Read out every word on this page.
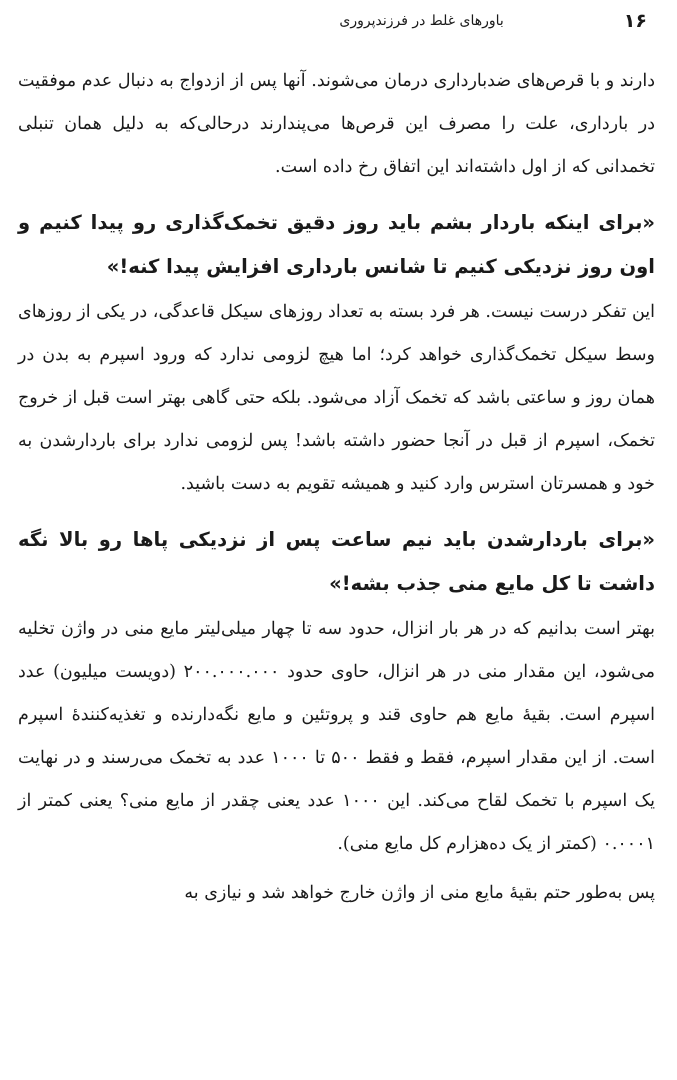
۱۶
باورهای غلط در فرزندپروری

دارند و با قرص‌های ضدبارداری درمان می‌شوند. آنها پس از ازدواج به دنبال عدم موفقیت در بارداری، علت را مصرف این قرص‌ها می‌پندارند درحالی‌که به دلیل همان تنبلی تخمدانی که از اول داشته‌اند این اتفاق رخ داده است.

«برای اینکه باردار بشم باید روز دقیق تخمک‌گذاری رو پیدا کنیم و اون روز نزدیکی کنیم تا شانس بارداری افزایش پیدا کنه!»

این تفکر درست نیست. هر فرد بسته به تعداد روزهای سیکل قاعدگی، در یکی از روزهای وسط سیکل تخمک‌گذاری خواهد کرد؛ اما هیچ لزومی ندارد که ورود اسپرم به بدن در همان روز و ساعتی باشد که تخمک آزاد می‌شود. بلکه حتی گاهی بهتر است قبل از خروج تخمک، اسپرم از قبل در آنجا حضور داشته باشد! پس لزومی ندارد برای باردارشدن به خود و همسرتان استرس وارد کنید و همیشه تقویم به دست باشید.

«برای باردارشدن باید نیم ساعت پس از نزدیکی پاها رو بالا نگه داشت تا کل مایع منی جذب بشه!»

بهتر است بدانیم که در هر بار انزال، حدود سه تا چهار میلی‌لیتر مایع منی در واژن تخلیه می‌شود، این مقدار منی در هر انزال، حاوی حدود ۲۰۰.۰۰۰.۰۰۰ (دویست میلیون) عدد اسپرم است. بقیهٔ مایع هم حاوی قند و پروتئین و مایع نگه‌دارنده و تغذیه‌کنندهٔ اسپرم است. از این مقدار اسپرم، فقط و فقط ۵۰۰ تا ۱۰۰۰ عدد به تخمک می‌رسند و در نهایت یک اسپرم با تخمک لقاح می‌کند. این ۱۰۰۰ عدد یعنی چقدر از مایع منی؟ یعنی کمتر از ۰.۰۰۰۱ (کمتر از یک ده‌هزارم کل مایع منی).

پس به‌طور حتم بقیهٔ مایع منی از واژن خارج خواهد شد و نیازی به
